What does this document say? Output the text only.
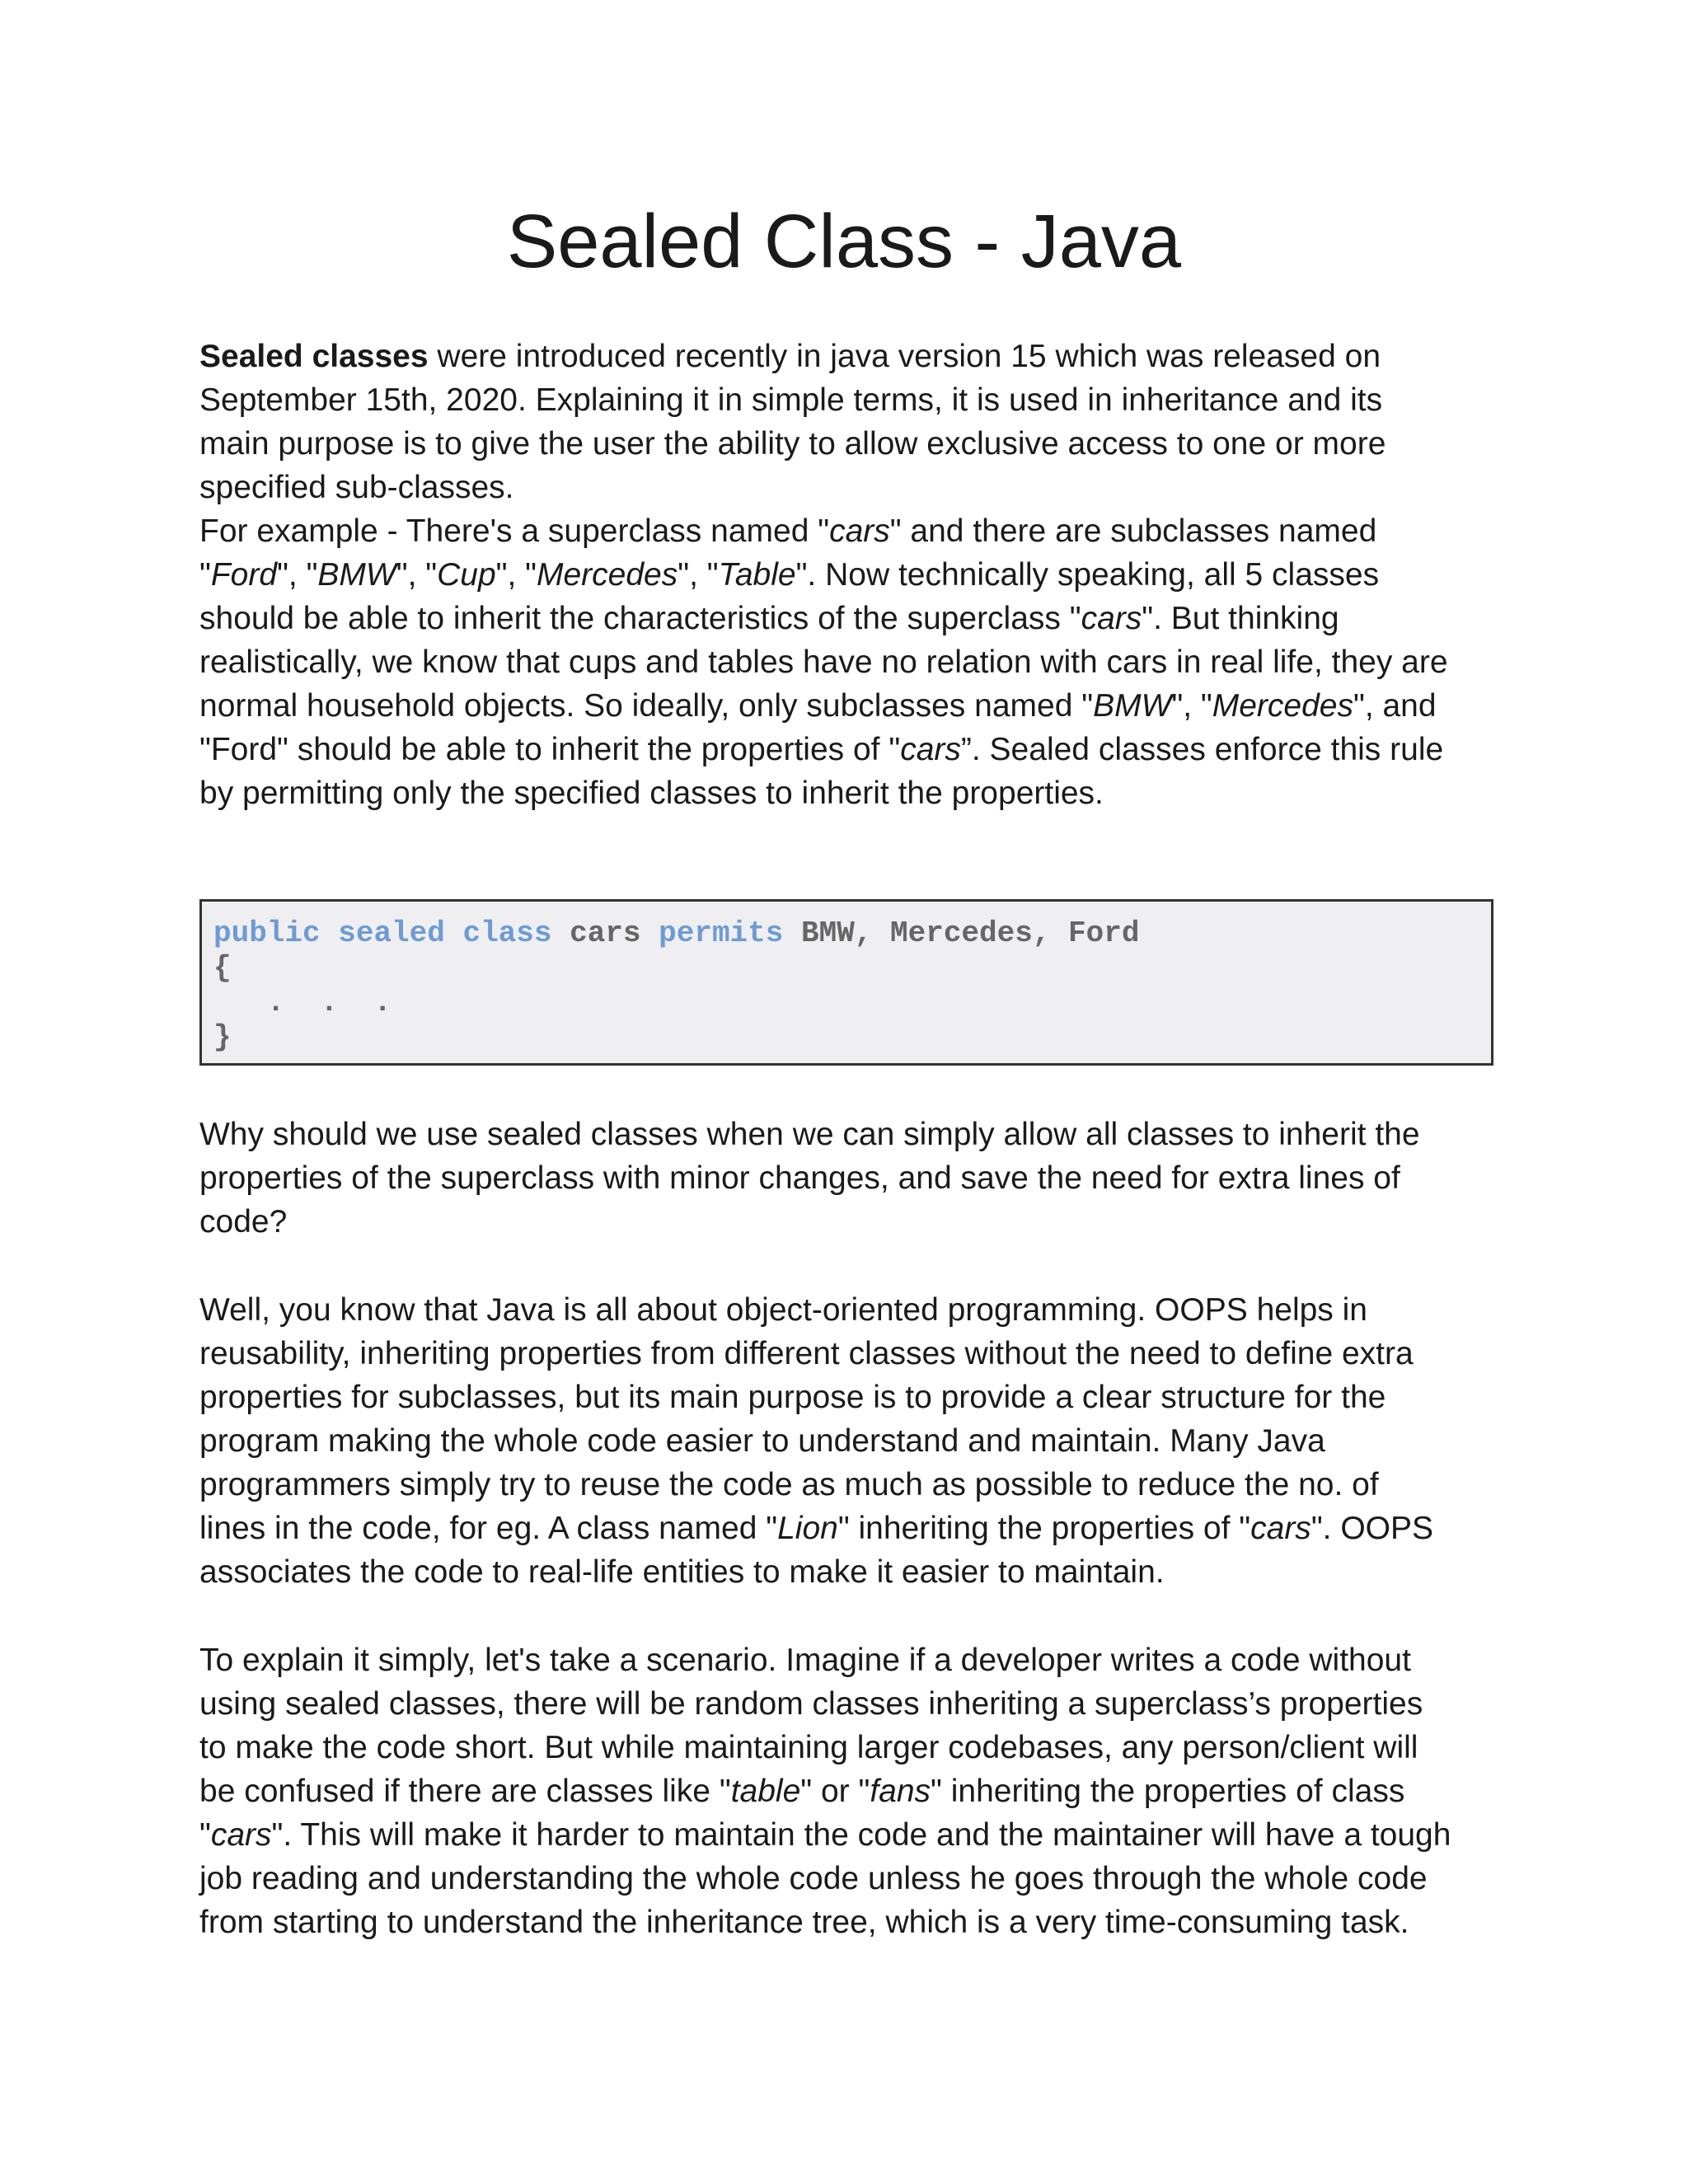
Sealed Class - Java

Sealed classes were introduced recently in java version 15 which was released on
September 15th, 2020. Explaining it in simple terms, it is used in inheritance and its
main purpose is to give the user the ability to allow exclusive access to one or more
specified sub-classes.
For example - There's a superclass named "cars" and there are subclasses named
"Ford", "BMW", "Cup", "Mercedes", "Table". Now technically speaking, all 5 classes
should be able to inherit the characteristics of the superclass "cars". But thinking
realistically, we know that cups and tables have no relation with cars in real life, they are
normal household objects. So ideally, only subclasses named "BMW", "Mercedes", and
"Ford" should be able to inherit the properties of "cars”. Sealed classes enforce this rule
by permitting only the specified classes to inherit the properties.

public sealed class cars permits BMW, Mercedes, Ford
{
.  .  .
}

Why should we use sealed classes when we can simply allow all classes to inherit the
properties of the superclass with minor changes, and save the need for extra lines of
code?

Well, you know that Java is all about object-oriented programming. OOPS helps in
reusability, inheriting properties from different classes without the need to define extra
properties for subclasses, but its main purpose is to provide a clear structure for the
program making the whole code easier to understand and maintain. Many Java
programmers simply try to reuse the code as much as possible to reduce the no. of
lines in the code, for eg. A class named "Lion" inheriting the properties of "cars". OOPS
associates the code to real-life entities to make it easier to maintain.

To explain it simply, let's take a scenario. Imagine if a developer writes a code without
using sealed classes, there will be random classes inheriting a superclass’s properties
to make the code short. But while maintaining larger codebases, any person/client will
be confused if there are classes like "table" or "fans" inheriting the properties of class
"cars". This will make it harder to maintain the code and the maintainer will have a tough
job reading and understanding the whole code unless he goes through the whole code
from starting to understand the inheritance tree, which is a very time-consuming task.
